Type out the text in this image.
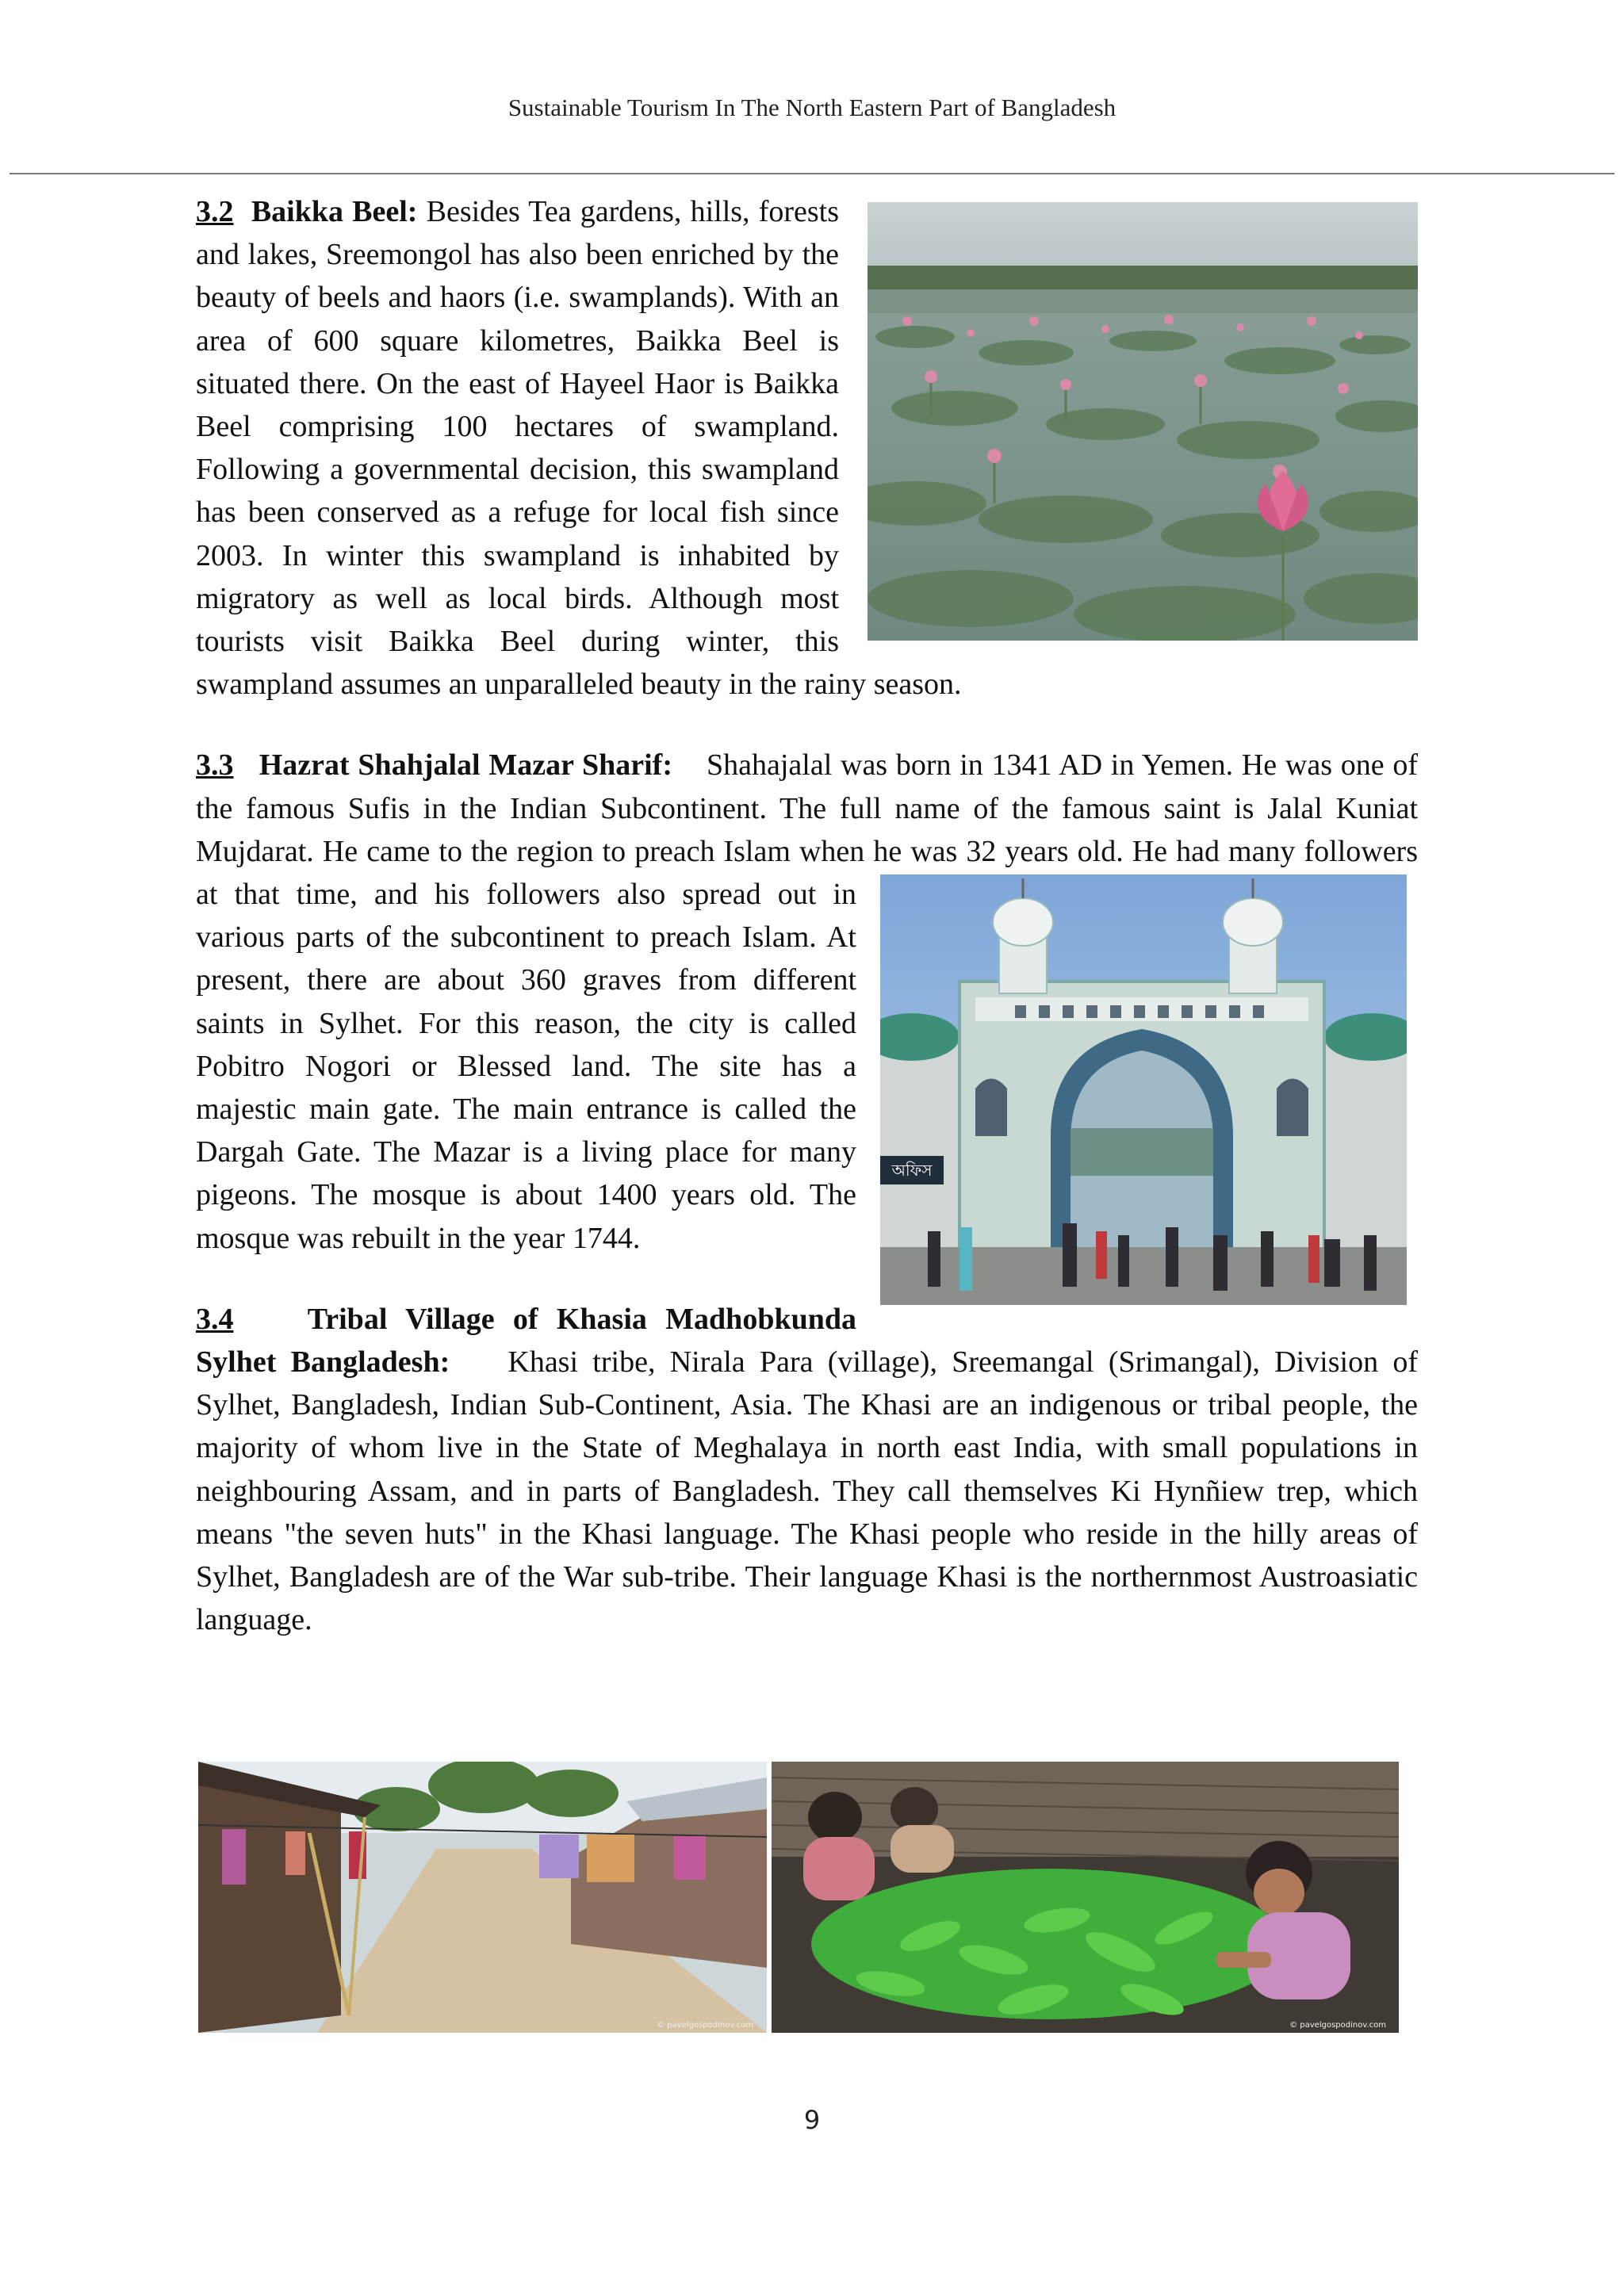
Sustainable Tourism In The North Eastern Part of Bangladesh

3.2 Baikka Beel: Besides Tea gardens, hills, forests and lakes, Sreemongol has also been enriched by the beauty of beels and haors (i.e. swamplands). With an area of 600 square kilometres, Baikka Beel is situated there. On the east of Hayeel Haor is Baikka Beel comprising 100 hectares of swampland. Following a governmental decision, this swampland has been conserved as a refuge for local fish since 2003. In winter this swampland is inhabited by migratory as well as local birds. Although most tourists visit Baikka Beel during winter, this swampland assumes an unparalleled beauty in the rainy season.

অফিস

3.3 Hazrat Shahjalal Mazar Sharif: Shahajalal was born in 1341 AD in Yemen. He was one of the famous Sufis in the Indian Subcontinent. The full name of the famous saint is Jalal Kuniat Mujdarat. He came to the region to preach Islam when he was 32 years old. He had many followers at that time, and his followers also spread out in various parts of the subcontinent to preach Islam. At present, there are about 360 graves from different saints in Sylhet. For this reason, the city is called Pobitro Nogori or Blessed land. The site has a majestic main gate. The main entrance is called the Dargah Gate. The Mazar is a living place for many pigeons. The mosque is about 1400 years old. The mosque was rebuilt in the year 1744.

3.4 Tribal Village of Khasia Madhobkunda Sylhet Bangladesh: Khasi tribe, Nirala Para (village), Sreemangal (Srimangal), Division of Sylhet, Bangladesh, Indian Sub-Continent, Asia. The Khasi are an indigenous or tribal people, the majority of whom live in the State of Meghalaya in north east India, with small populations in neighbouring Assam, and in parts of Bangladesh. They call themselves Ki Hynñiew trep, which means "the seven huts" in the Khasi language. The Khasi people who reside in the hilly areas of Sylhet, Bangladesh are of the War sub-tribe. Their language Khasi is the northernmost Austroasiatic language.

© pavelgospodinov.com	© pavelgospodinov.com
9
